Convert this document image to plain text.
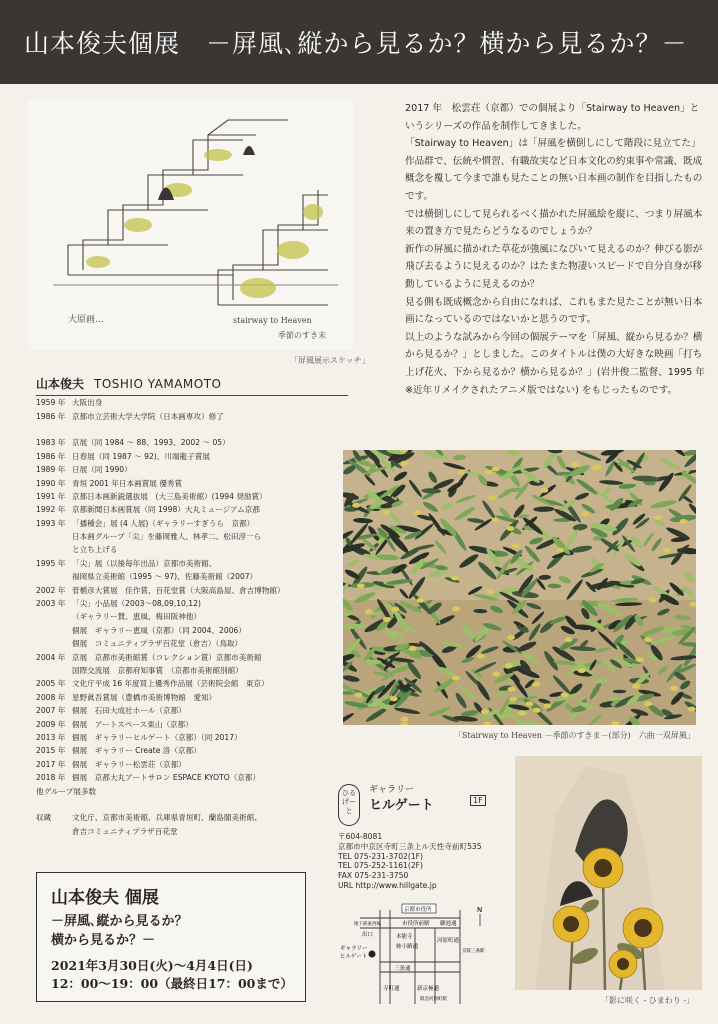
山本俊夫個展　－屏風､縦から見るか？横から見るか？－
大原画...	stairway to Heaven
季節のすき末
「屏風展示スケッチ」

2017 年　松雲荘（京都）での個展より「Stairway to Heaven」というシリーズの作品を制作してきました。

「Stairway to Heaven」は「屏風を横倒しにして階段に見立てた」作品群で、伝統や慣習、有職故実など日本文化の約束事や常識、既成概念を覆して今まで誰も見たことの無い日本画の制作を目指したものです。

では横倒しにして見られるべく描かれた屏風絵を縦に、つまり屏風本来の置き方で見たらどうなるのでしょうか？

新作の屏風に描かれた草花が強風になびいて見えるのか？伸びる影が飛び去るように見えるのか？はたまた物凄いスピードで自分自身が移動しているように見えるのか？

見る側も既成概念から自由になれば、これもまた見たことが無い日本画になっているのではないかと思うのです。

以上のような試みから今回の個展テーマを「屏風、縦から見るか？横から見るか？」としました。このタイトルは僕の大好きな映画「打ち上げ花火、下から見るか？横から見るか？」(岩井俊二監督、1995 年　※近年リメイクされたアニメ版ではない) をもじったものです。

山本俊夫 TOSHIO YAMAMOTO
1959 年 大阪出身
1986 年 京都市立芸術大学大学院（日本画専攻）修了
1983 年 京展（同 1984 ～ 88、1993、2002 ～ 05）
1986 年 日春展（同 1987 ～ 92)、川端龍子賞展
1989 年 日展（同 1990）
1990 年 青垣 2001 年日本画賞展 優秀賞
1991 年 京都日本画新鋭選抜展　(大三島美術館）(1994 奨励賞）
1992 年 京都新聞日本画賞展（同 1998）大丸ミュージアム京都
1993 年 「播種会」展 (4 人展)（ギャラリーすぎうら　京都）
日本画グループ「尖」を藤岡雅人、林孝二、松田淳一ら
と立ち上げる
1995 年 「尖」展（以後毎年出品）京都市美術館、
福岡県立美術館（1995 ～ 97)、佐藤美術館（2007）
2002 年 菅楯彦大賞展　佳作賞、百花堂賞（大阪高島屋、倉吉博物館）
2003 年 「尖」小品展（2003～08,09,10,12)
（ギャラリー賛、恵風、梅田阪神他）
個展　ギャラリー恵風（京都）（同 2004、2006）
個展　コミュニティプラザ百花堂（倉吉）（鳥取）
2004 年 京展　京都市美術館賞（コレクション賞）京都市美術館
国際交流展　京都府知事賞　（京都市美術館別館）
2005 年 文化庁平成 16 年度買上優秀作品展（芸術院会館　東京）
2008 年 星野眞吾賞展（豊橋市美術博物館　愛知）
2007 年 個展　石田大成社ホール（京都）
2009 年 個展　アートスペース東山（京都）
2013 年 個展　ギャラリーヒルゲート（京都）（同 2017）
2015 年 個展　ギャラリー Create 洛（京都）
2017 年 個展　ギャラリー松雲荘（京都）
2018 年 個展　京都大丸アートサロン ESPACE KYOTO（京都）
他グループ展多数
収蔵	文化庁、京都市美術館、兵庫県青垣町、蘭島閣美術館、
倉吉コミュニティプラザ百花堂
山本俊夫 個展
－屏風､縦から見るか？
横から見るか？－
2021年3月30日(火)～4月4日(日)
12：00～19：00（最終日17：00まで）
「Stairway to Heaven －季節のすきま－(部分)　六曲一双屏風」
「影に咲く - ひまわり -」
ひるげーと
ギャラリー
ヒルゲート	1F
〒604-8081
京都市中京区寺町三条上ル天性寺前町535
TEL 075-231-3702(1F)
TEL 075-252-1161(2F)
FAX 075-231-3750
URL http://www.hillgate.jp
京都市役所
市役所前駅 御池通
地下鉄東西線
出口	本能寺
姉小路通
寺町通	新京極通
河原町通
三条通
京阪三条駅
阪急河原町駅
ギャラリー
ヒルゲート
N
